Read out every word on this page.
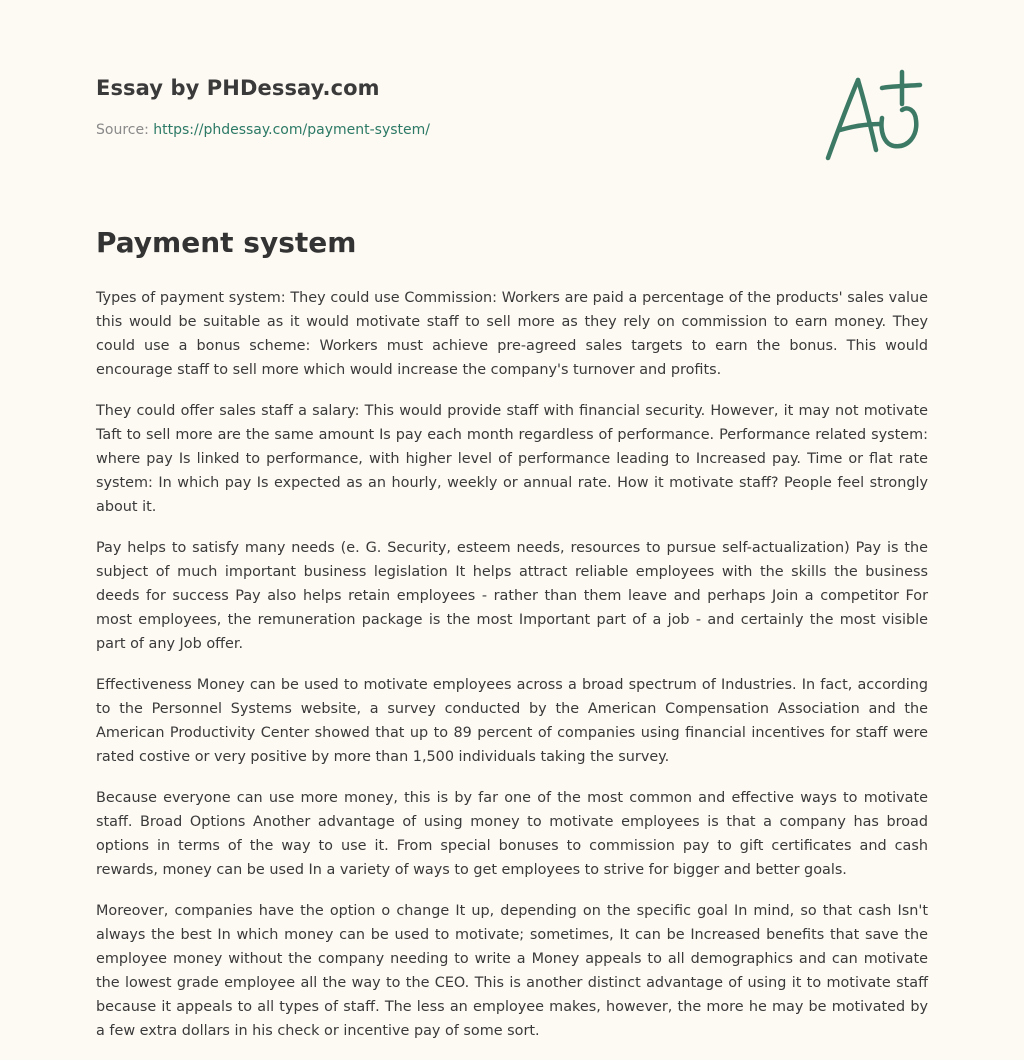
Essay by PHDessay.com
Source: https://phdessay.com/payment-system/
Payment system

Types of payment system: They could use Commission: Workers are paid a percentage of the products' sales value this would be suitable as it would motivate staff to sell more as they rely on commission to earn money. They could use a bonus scheme: Workers must achieve pre-agreed sales targets to earn the bonus. This would encourage staff to sell more which would increase the company's turnover and profits.

They could offer sales staff a salary: This would provide staff with financial security. However, it may not motivate Taft to sell more are the same amount Is pay each month regardless of performance. Performance related system: where pay Is linked to performance, with higher level of performance leading to Increased pay. Time or flat rate system: In which pay Is expected as an hourly, weekly or annual rate. How it motivate staff? People feel strongly about it.

Pay helps to satisfy many needs (e. G. Security, esteem needs, resources to pursue self-actualization) Pay is the subject of much important business legislation It helps attract reliable employees with the skills the business deeds for success Pay also helps retain employees - rather than them leave and perhaps Join a competitor For most employees, the remuneration package is the most Important part of a job - and certainly the most visible part of any Job offer.

Effectiveness Money can be used to motivate employees across a broad spectrum of Industries. In fact, according to the Personnel Systems website, a survey conducted by the American Compensation Association and the American Productivity Center showed that up to 89 percent of companies using financial incentives for staff were rated costive or very positive by more than 1,500 individuals taking the survey.

Because everyone can use more money, this is by far one of the most common and effective ways to motivate staff. Broad Options Another advantage of using money to motivate employees is that a company has broad options in terms of the way to use it. From special bonuses to commission pay to gift certificates and cash rewards, money can be used In a variety of ways to get employees to strive for bigger and better goals.

Moreover, companies have the option o change It up, depending on the specific goal In mind, so that cash Isn't always the best In which money can be used to motivate; sometimes, It can be Increased benefits that save the employee money without the company needing to write a Money appeals to all demographics and can motivate the lowest grade employee all the way to the CEO. This is another distinct advantage of using it to motivate staff because it appeals to all types of staff. The less an employee makes, however, the more he may be motivated by a few extra dollars in his check or incentive pay of some sort.
